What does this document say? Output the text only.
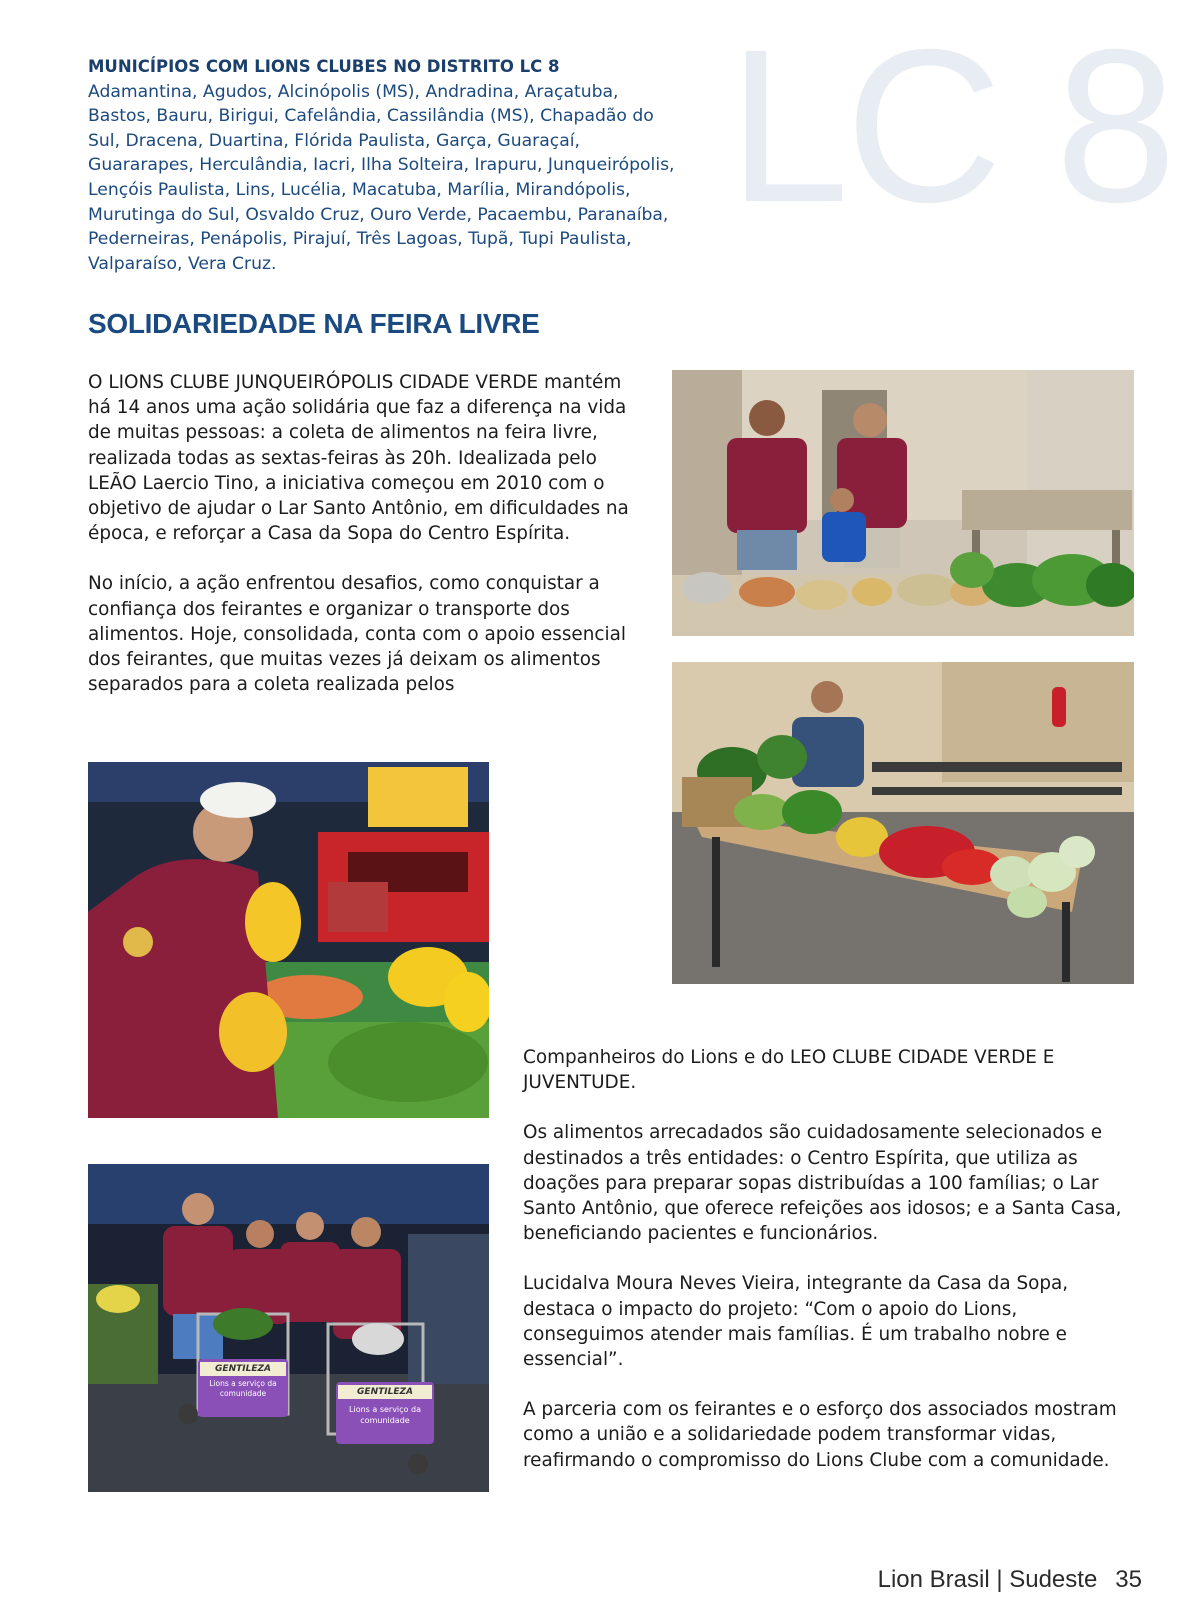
MUNICÍPIOS COM LIONS CLUBES NO DISTRITO LC 8
Adamantina, Agudos, Alcinópolis (MS), Andradina, Araçatuba, Bastos, Bauru, Birigui, Cafelândia, Cassilândia (MS), Chapadão do Sul, Dracena, Duartina, Flórida Paulista, Garça, Guaraçaí, Guararapes, Herculândia, Iacri, Ilha Solteira, Irapuru, Junqueirópolis, Lençóis Paulista, Lins, Lucélia, Macatuba, Marília, Mirandópolis, Murutinga do Sul, Osvaldo Cruz, Ouro Verde, Pacaembu, Paranaíba, Pederneiras, Penápolis, Pirajuí, Três Lagoas, Tupã, Tupi Paulista, Valparaíso, Vera Cruz.
LC 8
SOLIDARIEDADE NA FEIRA LIVRE

O LIONS CLUBE JUNQUEIRÓPOLIS CIDADE VERDE mantém há 14 anos uma ação solidária que faz a diferença na vida de muitas pessoas: a coleta de alimentos na feira livre, realizada todas as sextas-feiras às 20h. Idealizada pelo LEÃO Laercio Tino, a iniciativa começou em 2010 com o objetivo de ajudar o Lar Santo Antônio, em dificuldades na época, e reforçar a Casa da Sopa do Centro Espírita.

No início, a ação enfrentou desafios, como conquistar a confiança dos feirantes e organizar o transporte dos alimentos. Hoje, consolidada, conta com o apoio essencial dos feirantes, que muitas vezes já deixam os alimentos separados para a coleta realizada pelos

Companheiros do Lions e do LEO CLUBE CIDADE VERDE E JUVENTUDE.

Os alimentos arrecadados são cuidadosamente selecionados e destinados a três entidades: o Centro Espírita, que utiliza as doações para preparar sopas distribuídas a 100 famílias; o Lar Santo Antônio, que oferece refeições aos idosos; e a Santa Casa, beneficiando pacientes e funcionários.

Lucidalva Moura Neves Vieira, integrante da Casa da Sopa, destaca o impacto do projeto: “Com o apoio do Lions, conseguimos atender mais famílias. É um trabalho nobre e essencial”.

A parceria com os feirantes e o esforço dos associados mostram como a união e a solidariedade podem transformar vidas, reafirmando o compromisso do Lions Clube com a comunidade.

GENTILEZA
Lions a serviço da comunidade	GENTILEZA
Lions a serviço da comunidade
Lion Brasil | Sudeste 35
